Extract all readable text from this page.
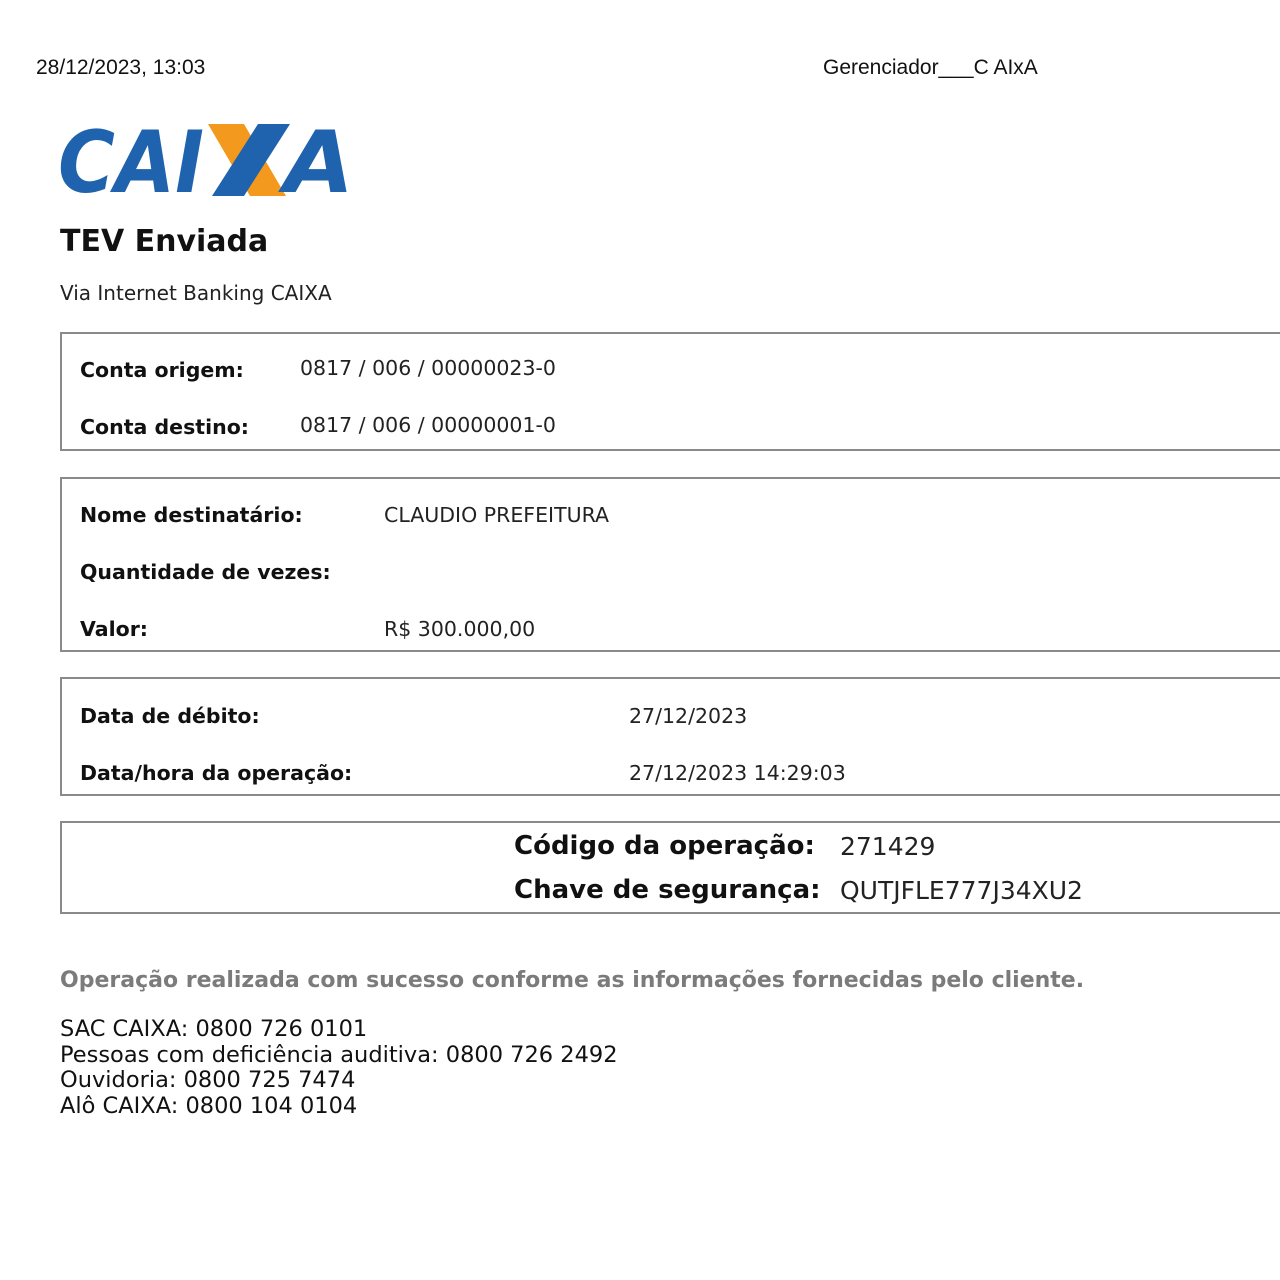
28/12/2023, 13:03	Gerenciador___C AIxA
CAI A
TEV Enviada
Via Internet Banking CAIXA
Conta origem:	0817 / 006 / 00000023-0
Conta destino: 0817 / 006 / 00000001-0
Nome destinatário:	CLAUDIO PREFEITURA
Quantidade de vezes:
Valor:	R$ 300.000,00
Data de débito:	27/12/2023
Data/hora da operação:	27/12/2023 14:29:03
Código da operação: 271429
Chave de segurança: QUTJFLE777J34XU2
Operação realizada com sucesso conforme as informações fornecidas pelo cliente.
SAC CAIXA: 0800 726 0101
Pessoas com deficiência auditiva: 0800 726 2492
Ouvidoria: 0800 725 7474
Alô CAIXA: 0800 104 0104
